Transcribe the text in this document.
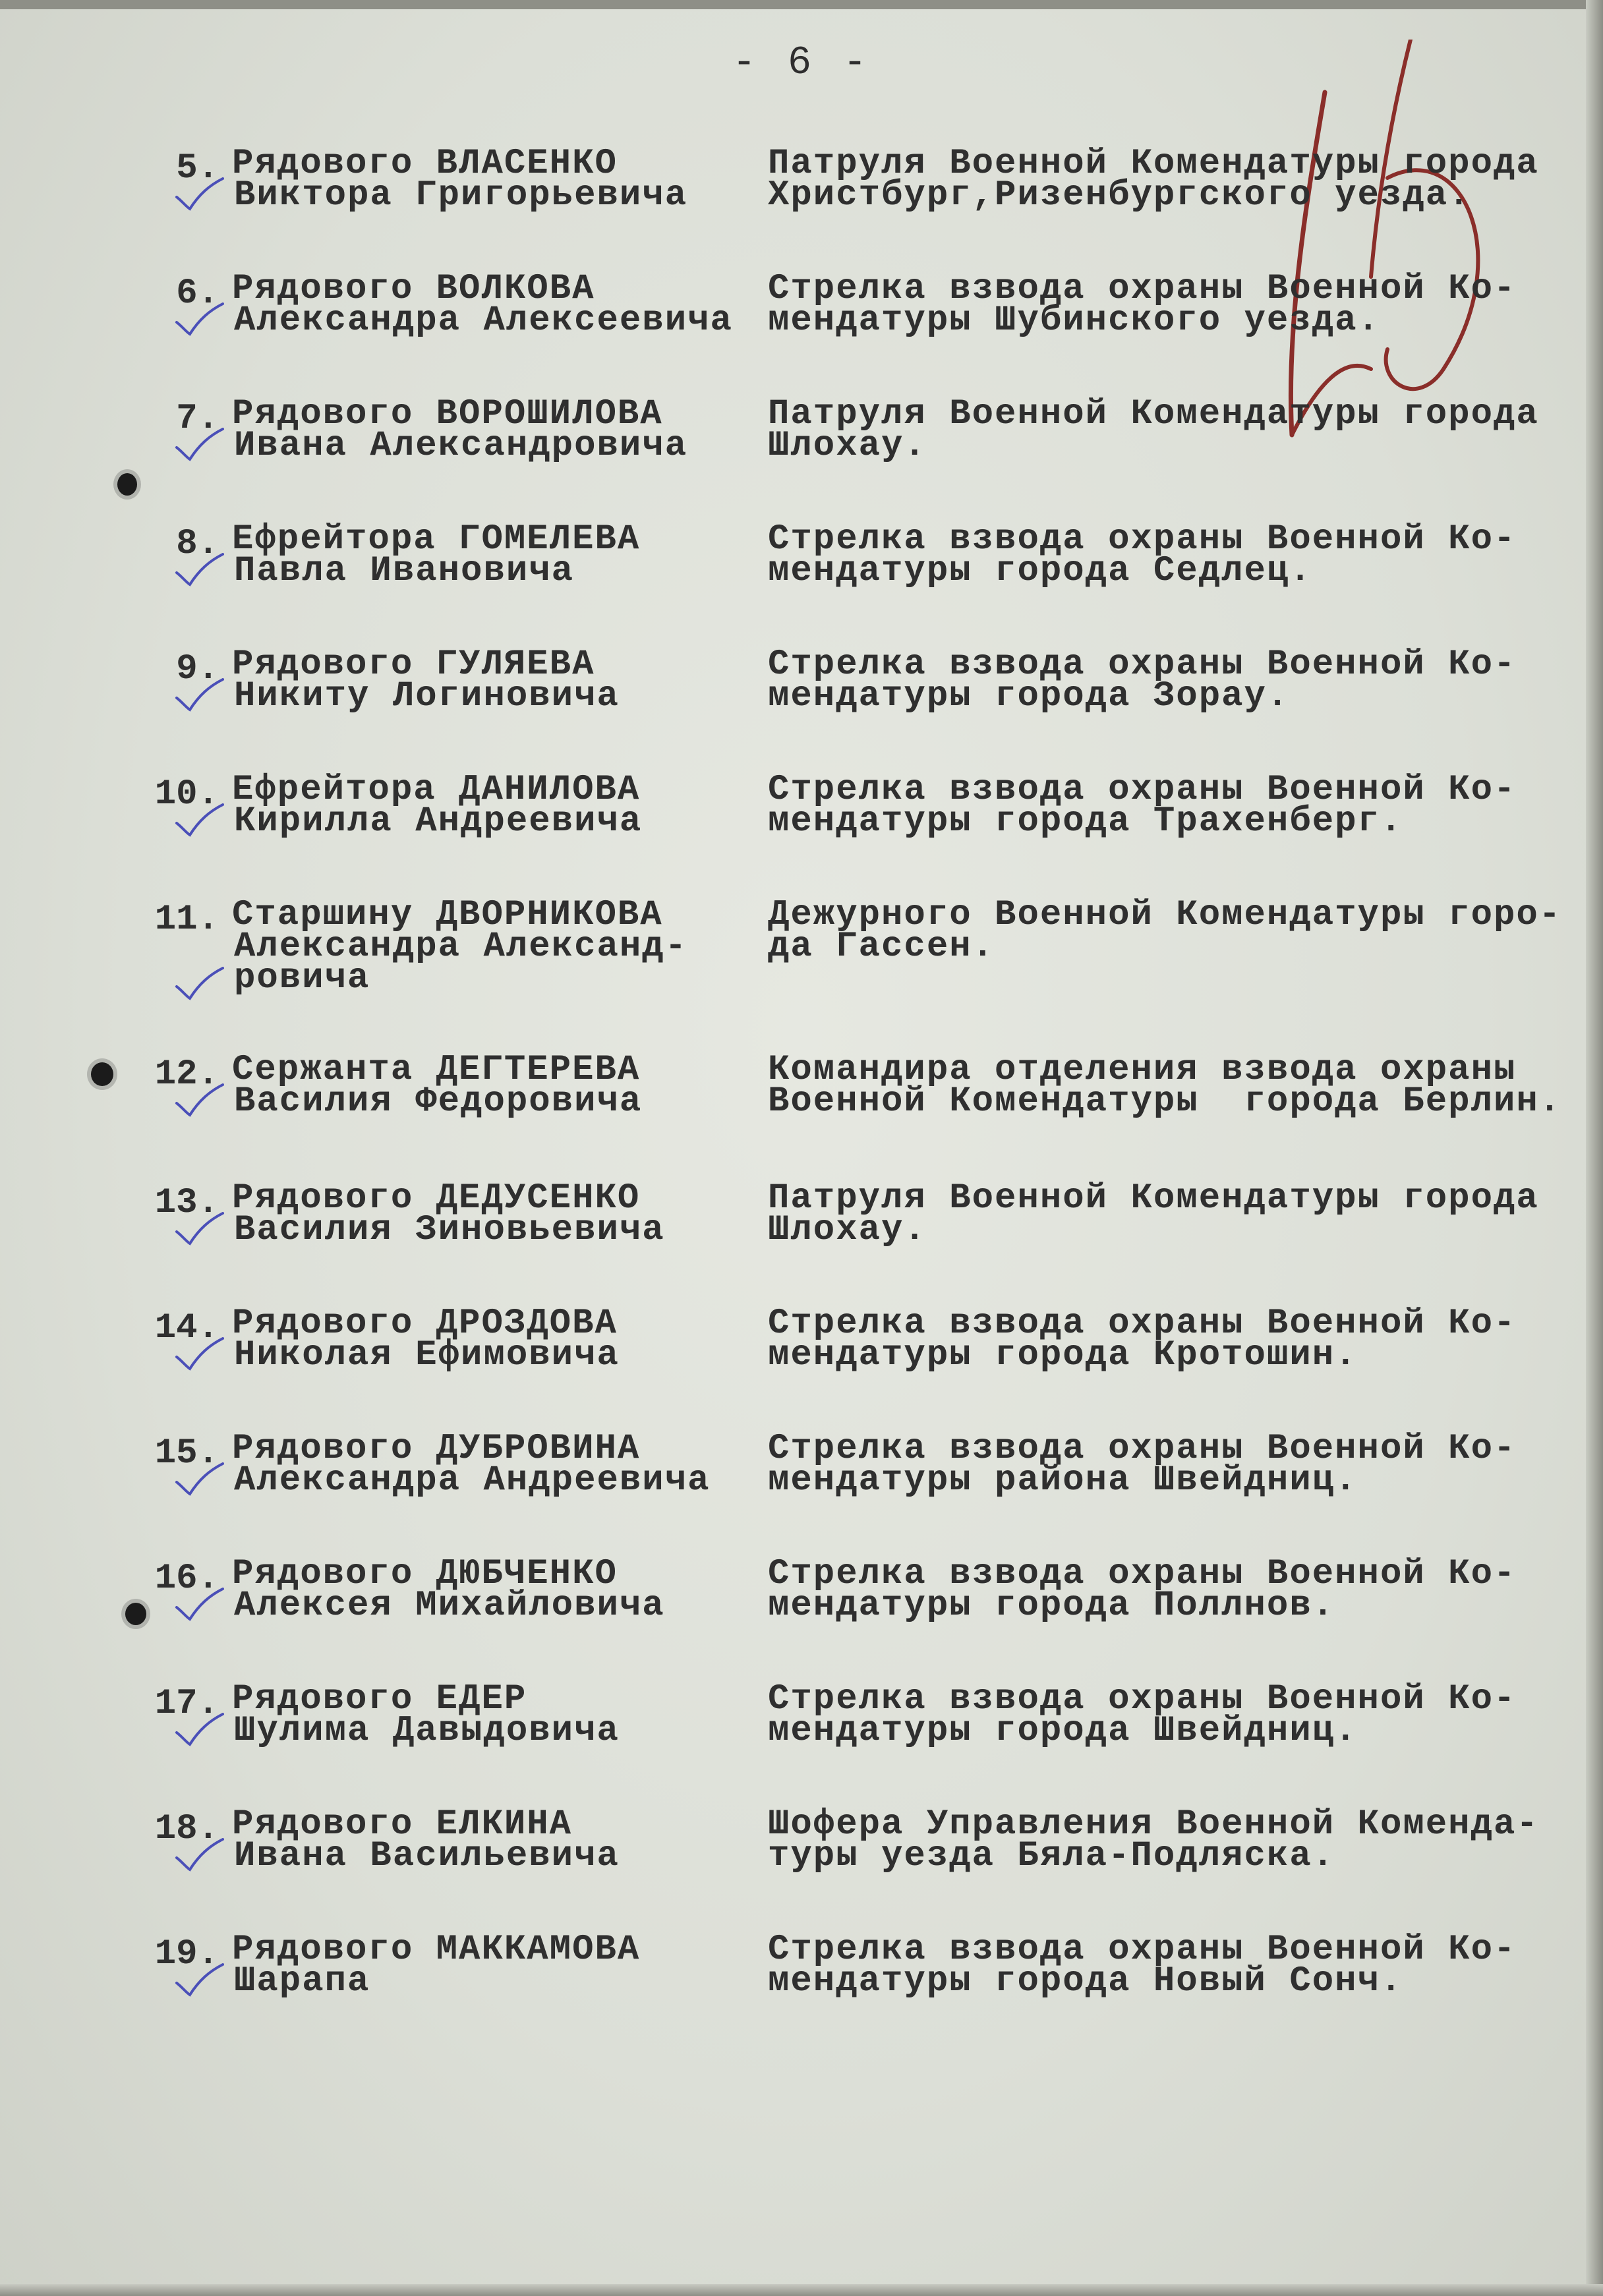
- 6 -
5. Рядового ВЛАСЕНКО
Виктора Григорьевича
Патруля Военной Комендатуры города
Христбург,Ризенбургского уезда.
6. Рядового ВОЛКОВА
Александра Алексеевича
Стрелка взвода охраны Военной Ко-
мендатуры Шубинского уезда.
7. Рядового ВОРОШИЛОВА
Ивана Александровича
Патруля Военной Комендатуры города
Шлохау.
8. Ефрейтора ГОМЕЛЕВА
Павла Ивановича
Стрелка взвода охраны Военной Ко-
мендатуры города Седлец.
9. Рядового ГУЛЯЕВА
Никиту Логиновича
Стрелка взвода охраны Военной Ко-
мендатуры города Зорау.
10. Ефрейтора ДАНИЛОВА
Кирилла Андреевича
Стрелка взвода охраны Военной Ко-
мендатуры города Трахенберг.
11. Старшину ДВОРНИКОВА
Александра Александ-
ровича
Дежурного Военной Комендатуры горо-
да Гассен.
12. Сержанта ДЕГТЕРЕВА
Василия Федоровича
Командира отделения взвода охраны
Военной Комендатуры  города Берлин.
13. Рядового ДЕДУСЕНКО
Василия Зиновьевича
Патруля Военной Комендатуры города
Шлохау.
14. Рядового ДРОЗДОВА
Николая Ефимовича
Стрелка взвода охраны Военной Ко-
мендатуры города Кротошин.
15. Рядового ДУБРОВИНА
Александра Андреевича
Стрелка взвода охраны Военной Ко-
мендатуры района Швейдниц.
16. Рядового ДЮБЧЕНКО
Алексея Михайловича
Стрелка взвода охраны Военной Ко-
мендатуры города Поллнов.
17. Рядового ЕДЕР
Шулима Давыдовича
Стрелка взвода охраны Военной Ко-
мендатуры города Швейдниц.
18. Рядового ЕЛКИНА
Ивана Васильевича
Шофера Управления Военной Коменда-
туры уезда Бяла-Подляска.
19. Рядового МАККАМОВА
Шарапа
Стрелка взвода охраны Военной Ко-
мендатуры города Новый Сонч.
